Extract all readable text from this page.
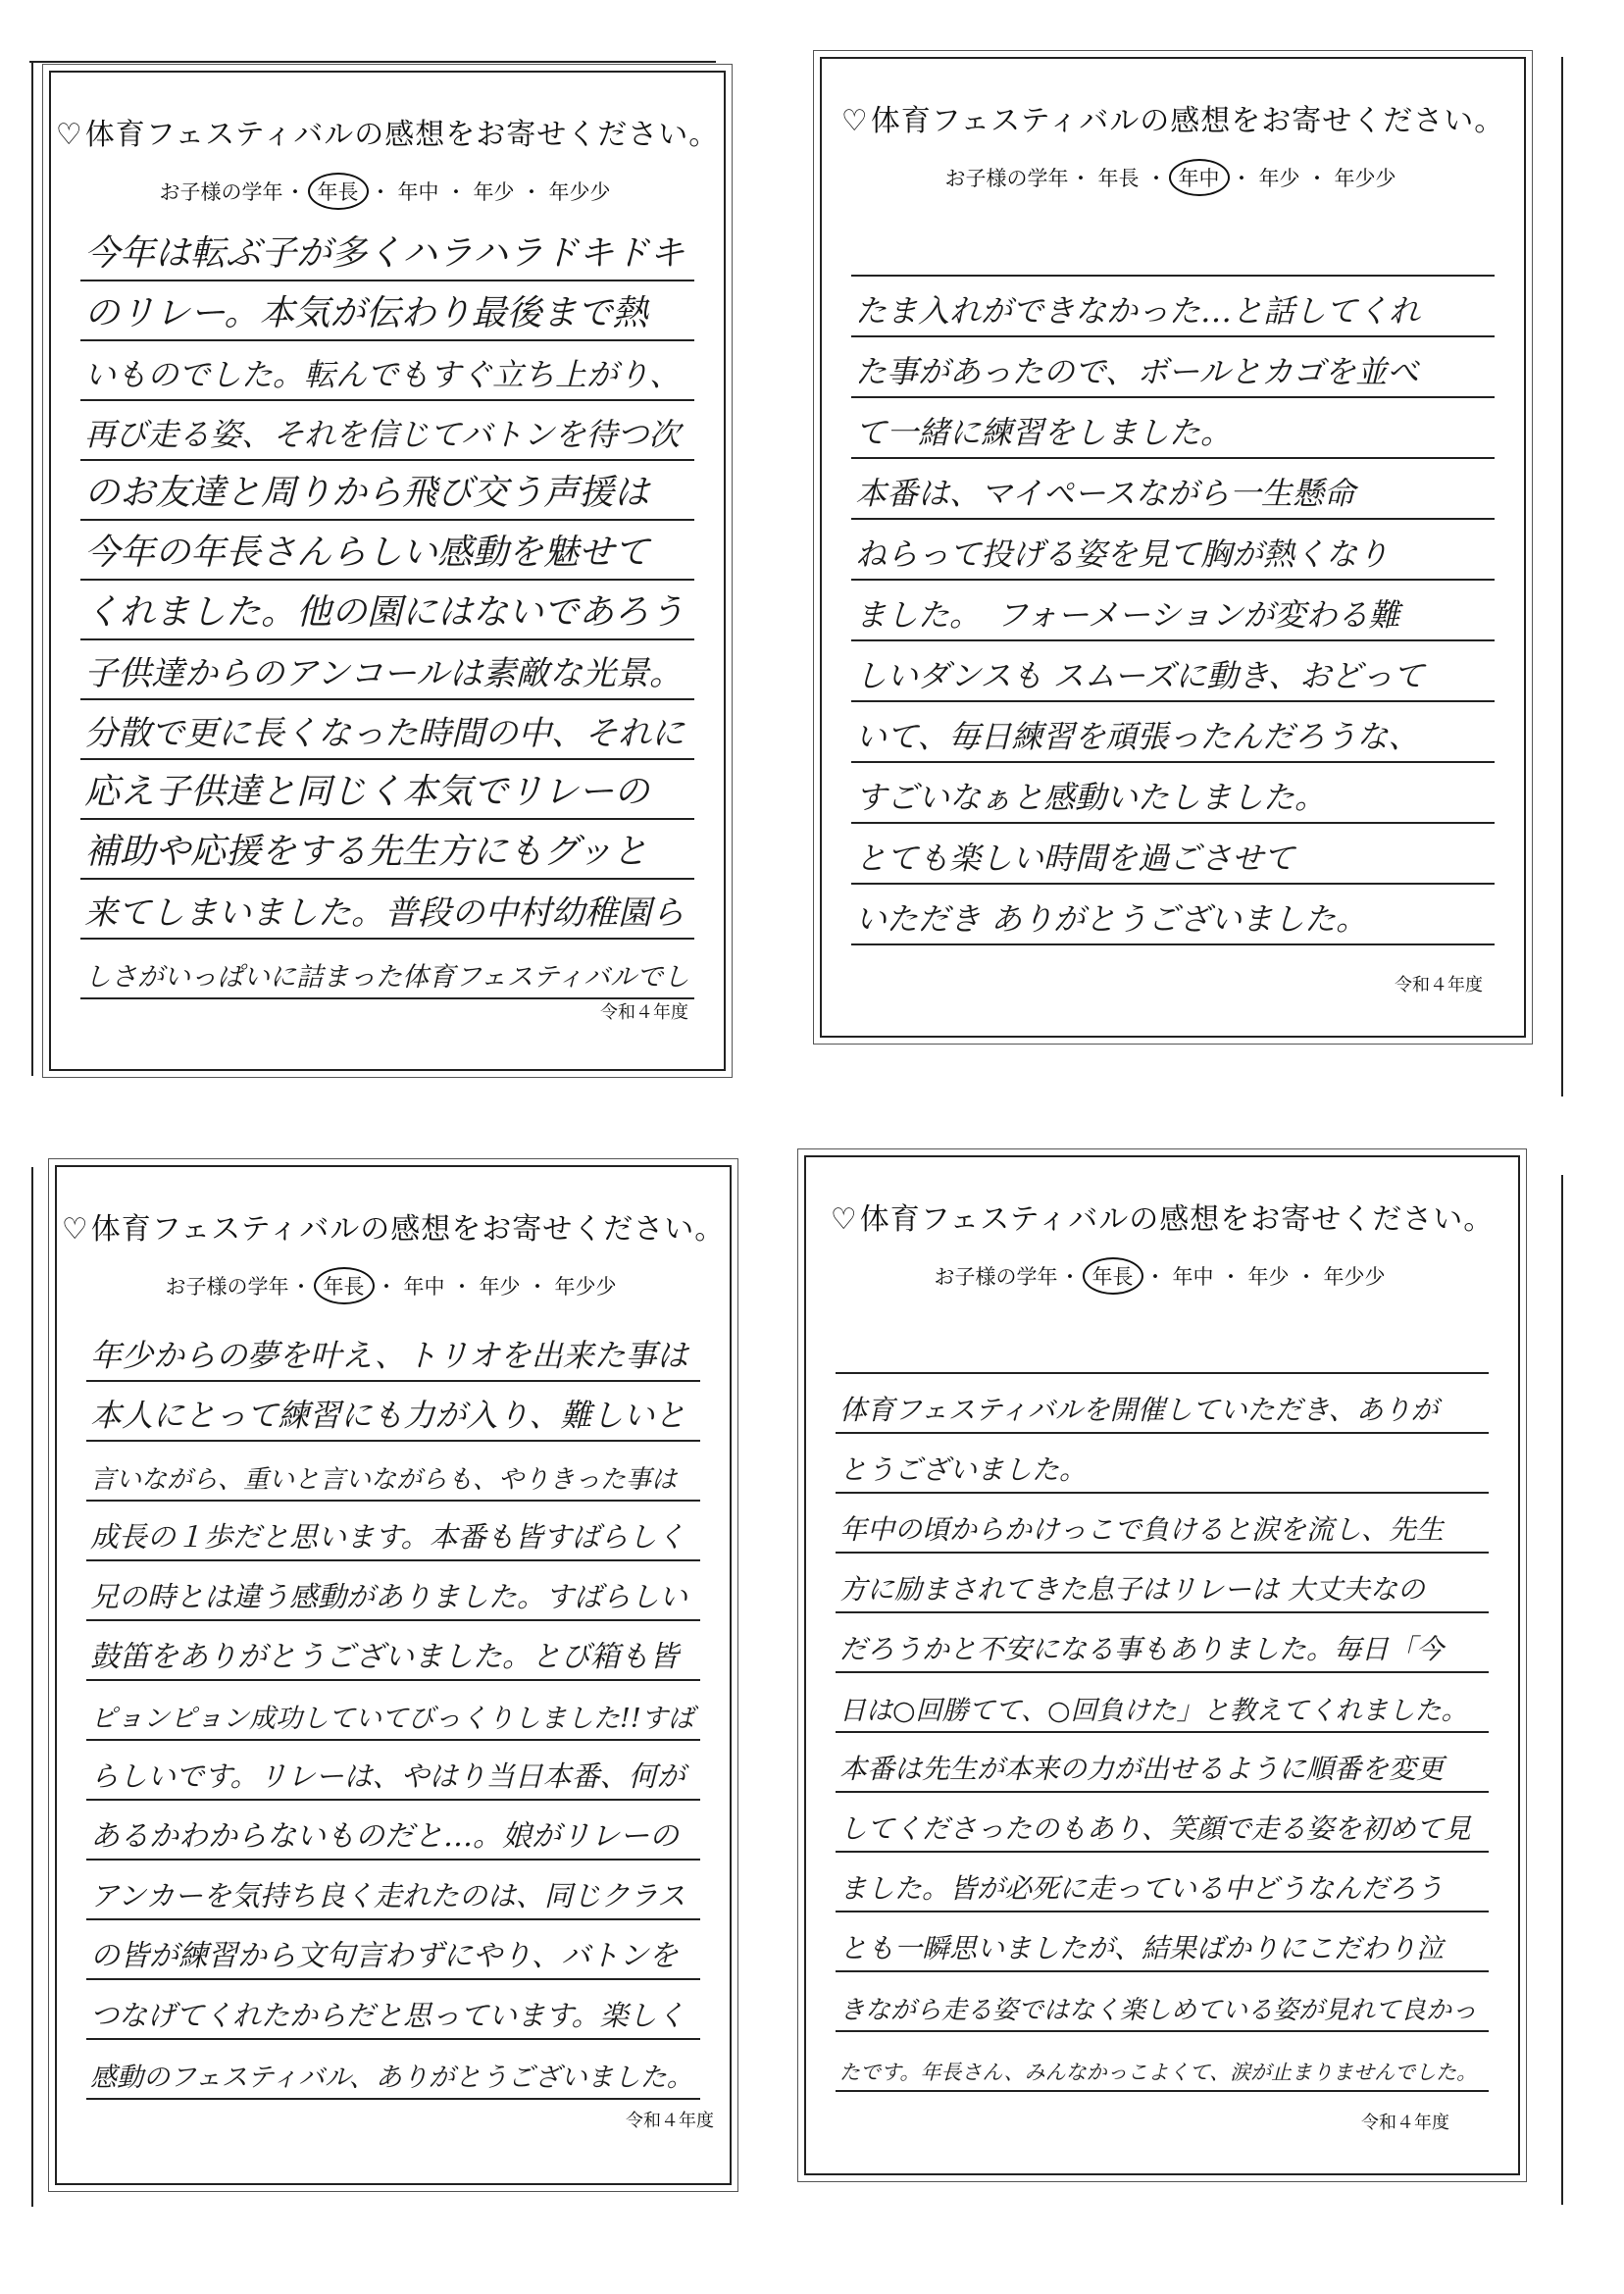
♡体育フェスティバルの感想をお寄せください。
お子様の学年・ 年長 ・ 年中 ・ 年少 ・ 年少少
今年は転ぶ子が多くハラハラドキドキ
のリレー。本気が伝わり最後まで熱
いものでした。転んでもすぐ立ち上がり、
再び走る姿、それを信じてバトンを待つ次
のお友達と周りから飛び交う声援は
今年の年長さんらしい感動を魅せて
くれました。他の園にはないであろう
子供達からのアンコールは素敵な光景。
分散で更に長くなった時間の中、それに
応え子供達と同じく本気でリレーの
補助や応援をする先生方にもグッと
来てしまいました。普段の中村幼稚園ら
しさがいっぱいに詰まった体育フェスティバルでし
令和４年度
♡体育フェスティバルの感想をお寄せください。
お子様の学年・ 年長 ・ 年中 ・ 年少 ・ 年少少
たま入れができなかった…と話してくれ
た事があったので、ボールとカゴを並べ
て一緒に練習をしました。
本番は、マイペースながら一生懸命
ねらって投げる姿を見て胸が熱くなり
ました。　フォーメーションが変わる難
しいダンスも スムーズに動き、おどって
いて、毎日練習を頑張ったんだろうな、
すごいなぁと感動いたしました。
とても楽しい時間を過ごさせて
いただき ありがとうございました。
令和４年度
♡体育フェスティバルの感想をお寄せください。
お子様の学年・ 年長 ・ 年中 ・ 年少 ・ 年少少
年少からの夢を叶え、トリオを出来た事は
本人にとって練習にも力が入り、難しいと
言いながら、重いと言いながらも、やりきった事は
成長の１歩だと思います。本番も皆すばらしく
兄の時とは違う感動がありました。すばらしい
鼓笛をありがとうございました。とび箱も皆
ピョンピョン成功していてびっくりしました!!すば
らしいです。リレーは、やはり当日本番、何が
あるかわからないものだと…。娘がリレーの
アンカーを気持ち良く走れたのは、同じクラス
の皆が練習から文句言わずにやり、バトンを
つなげてくれたからだと思っています。楽しく
感動のフェスティバル、ありがとうございました。
令和４年度
♡体育フェスティバルの感想をお寄せください。
お子様の学年・ 年長 ・ 年中 ・ 年少 ・ 年少少
体育フェスティバルを開催していただき、ありが
とうございました。
年中の頃からかけっこで負けると涙を流し、先生
方に励まされてきた息子はリレーは 大丈夫なの
だろうかと不安になる事もありました。毎日「今
日は○回勝てて、○回負けた」と教えてくれました。
本番は先生が本来の力が出せるように順番を変更
してくださったのもあり、笑顔で走る姿を初めて見
ました。皆が必死に走っている中どうなんだろう
とも一瞬思いましたが、結果ばかりにこだわり泣
きながら走る姿ではなく楽しめている姿が見れて良かっ
たです。年長さん、みんなかっこよくて、涙が止まりませんでした。
令和４年度
